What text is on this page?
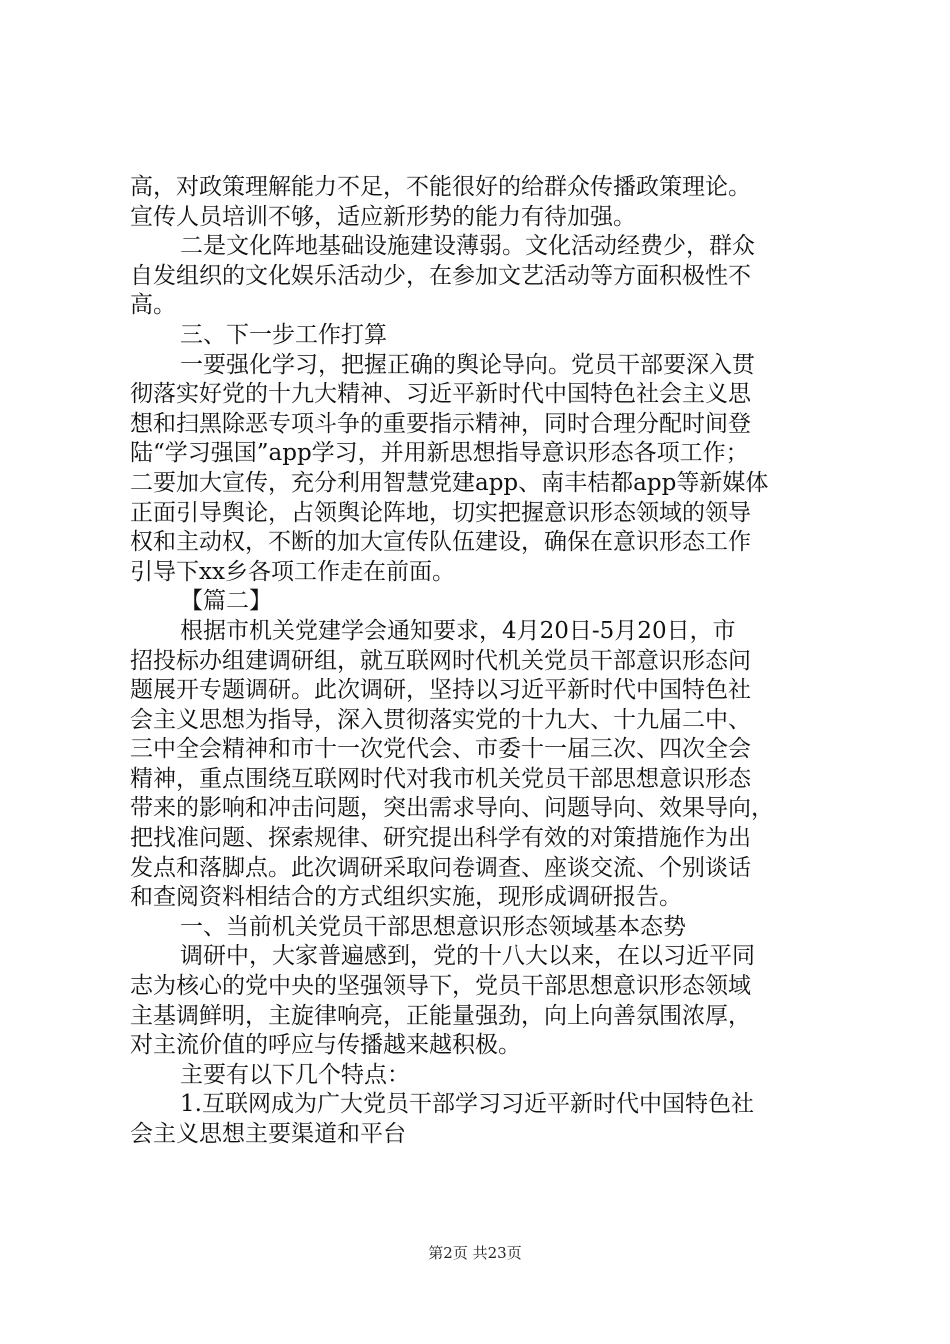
高，对政策理解能力不足，不能很好的给群众传播政策理论。
宣传人员培训不够，适应新形势的能力有待加强。
二是文化阵地基础设施建设薄弱。文化活动经费少，群众
自发组织的文化娱乐活动少，在参加文艺活动等方面积极性不
高。
三、下一步工作打算
一要强化学习，把握正确的舆论导向。党员干部要深入贯
彻落实好党的十九大精神、习近平新时代中国特色社会主义思
想和扫黑除恶专项斗争的重要指示精神，同时合理分配时间登
陆“学习强国”app学习，并用新思想指导意识形态各项工作；
二要加大宣传，充分利用智慧党建app、南丰桔都app等新媒体
正面引导舆论，占领舆论阵地，切实把握意识形态领域的领导
权和主动权，不断的加大宣传队伍建设，确保在意识形态工作
引导下xx乡各项工作走在前面。
【篇二】
根据市机关党建学会通知要求，4月20日-5月20日，市
招投标办组建调研组，就互联网时代机关党员干部意识形态问
题展开专题调研。此次调研，坚持以习近平新时代中国特色社
会主义思想为指导，深入贯彻落实党的十九大、十九届二中、
三中全会精神和市十一次党代会、市委十一届三次、四次全会
精神，重点围绕互联网时代对我市机关党员干部思想意识形态
带来的影响和冲击问题，突出需求导向、问题导向、效果导向，
把找准问题、探索规律、研究提出科学有效的对策措施作为出
发点和落脚点。此次调研采取问卷调查、座谈交流、个别谈话
和查阅资料相结合的方式组织实施，现形成调研报告。
一、当前机关党员干部思想意识形态领域基本态势
调研中，大家普遍感到，党的十八大以来，在以习近平同
志为核心的党中央的坚强领导下，党员干部思想意识形态领域
主基调鲜明，主旋律响亮，正能量强劲，向上向善氛围浓厚，
对主流价值的呼应与传播越来越积极。
主要有以下几个特点：
1.互联网成为广大党员干部学习习近平新时代中国特色社
会主义思想主要渠道和平台
第2页 共23页
